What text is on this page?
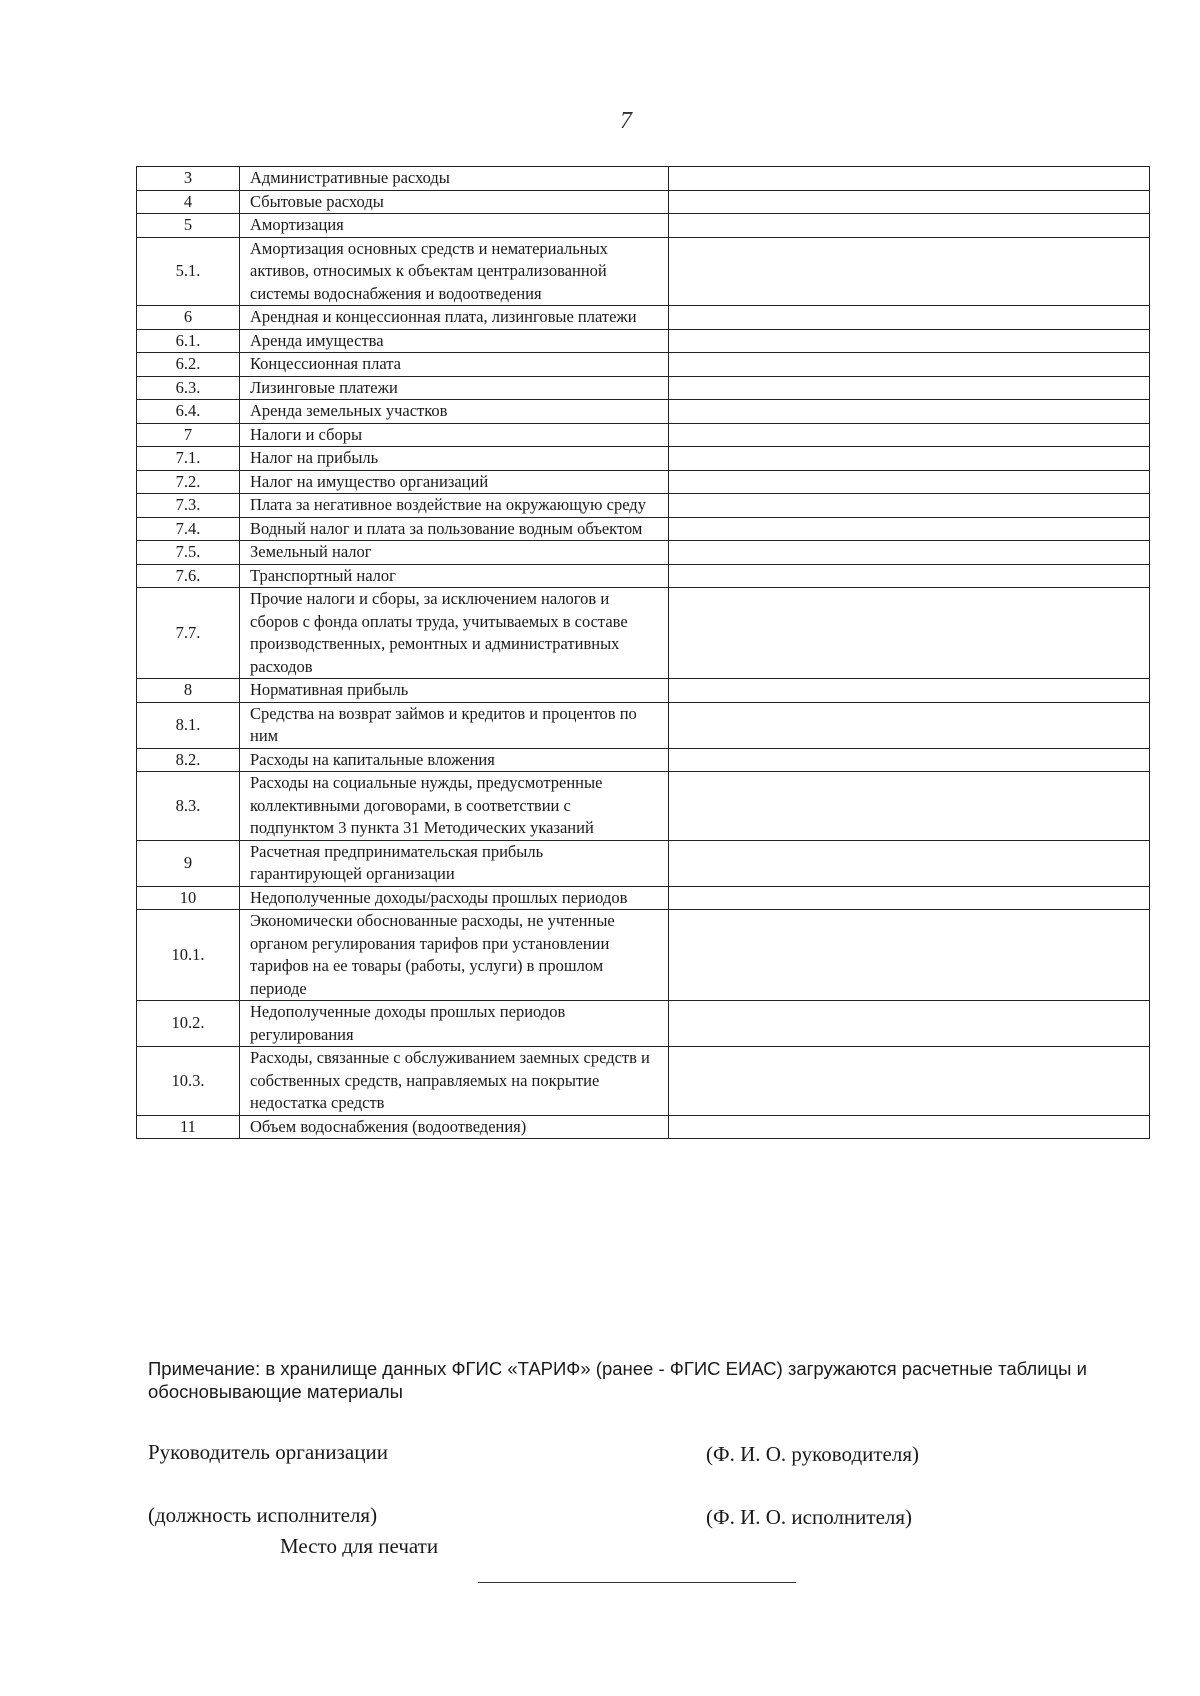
7
3	Административные расходы	
4	Сбытовые расходы	
5	Амортизация	
5.1.	Амортизация основных средств и нематериальных активов, относимых к объектам централизованной системы водоснабжения и водоотведения	
6	Арендная и концессионная плата, лизинговые платежи	
6.1.	Аренда имущества	
6.2.	Концессионная плата	
6.3.	Лизинговые платежи	
6.4.	Аренда земельных участков	
7	Налоги и сборы	
7.1.	Налог на прибыль	
7.2.	Налог на имущество организаций	
7.3.	Плата за негативное воздействие на окружающую среду	
7.4.	Водный налог и плата за пользование водным объектом	
7.5.	Земельный налог	
7.6.	Транспортный налог	
7.7.	Прочие налоги и сборы, за исключением налогов и сборов с фонда оплаты труда, учитываемых в составе производственных, ремонтных и административных расходов	
8	Нормативная прибыль	
8.1.	Средства на возврат займов и кредитов и процентов по ним	
8.2.	Расходы на капитальные вложения	
8.3.	Расходы на социальные нужды, предусмотренные коллективными договорами, в соответствии с подпунктом 3 пункта 31 Методических указаний	
9	Расчетная предпринимательская прибыль гарантирующей организации	
10	Недополученные доходы/расходы прошлых периодов	
10.1.	Экономически обоснованные расходы, не учтенные органом регулирования тарифов при установлении тарифов на ее товары (работы, услуги) в прошлом периоде	
10.2.	Недополученные доходы прошлых периодов регулирования	
10.3.	Расходы, связанные с обслуживанием заемных средств и собственных средств, направляемых на покрытие недостатка средств	
11	Объем водоснабжения (водоотведения)	
Примечание: в хранилище данных ФГИС «ТАРИФ» (ранее - ФГИС ЕИАС) загружаются расчетные таблицы и обосновывающие материалы
Руководитель организации	(Ф. И. О. руководителя)
(должность исполнителя)	(Ф. И. О. исполнителя)
Место для печати
